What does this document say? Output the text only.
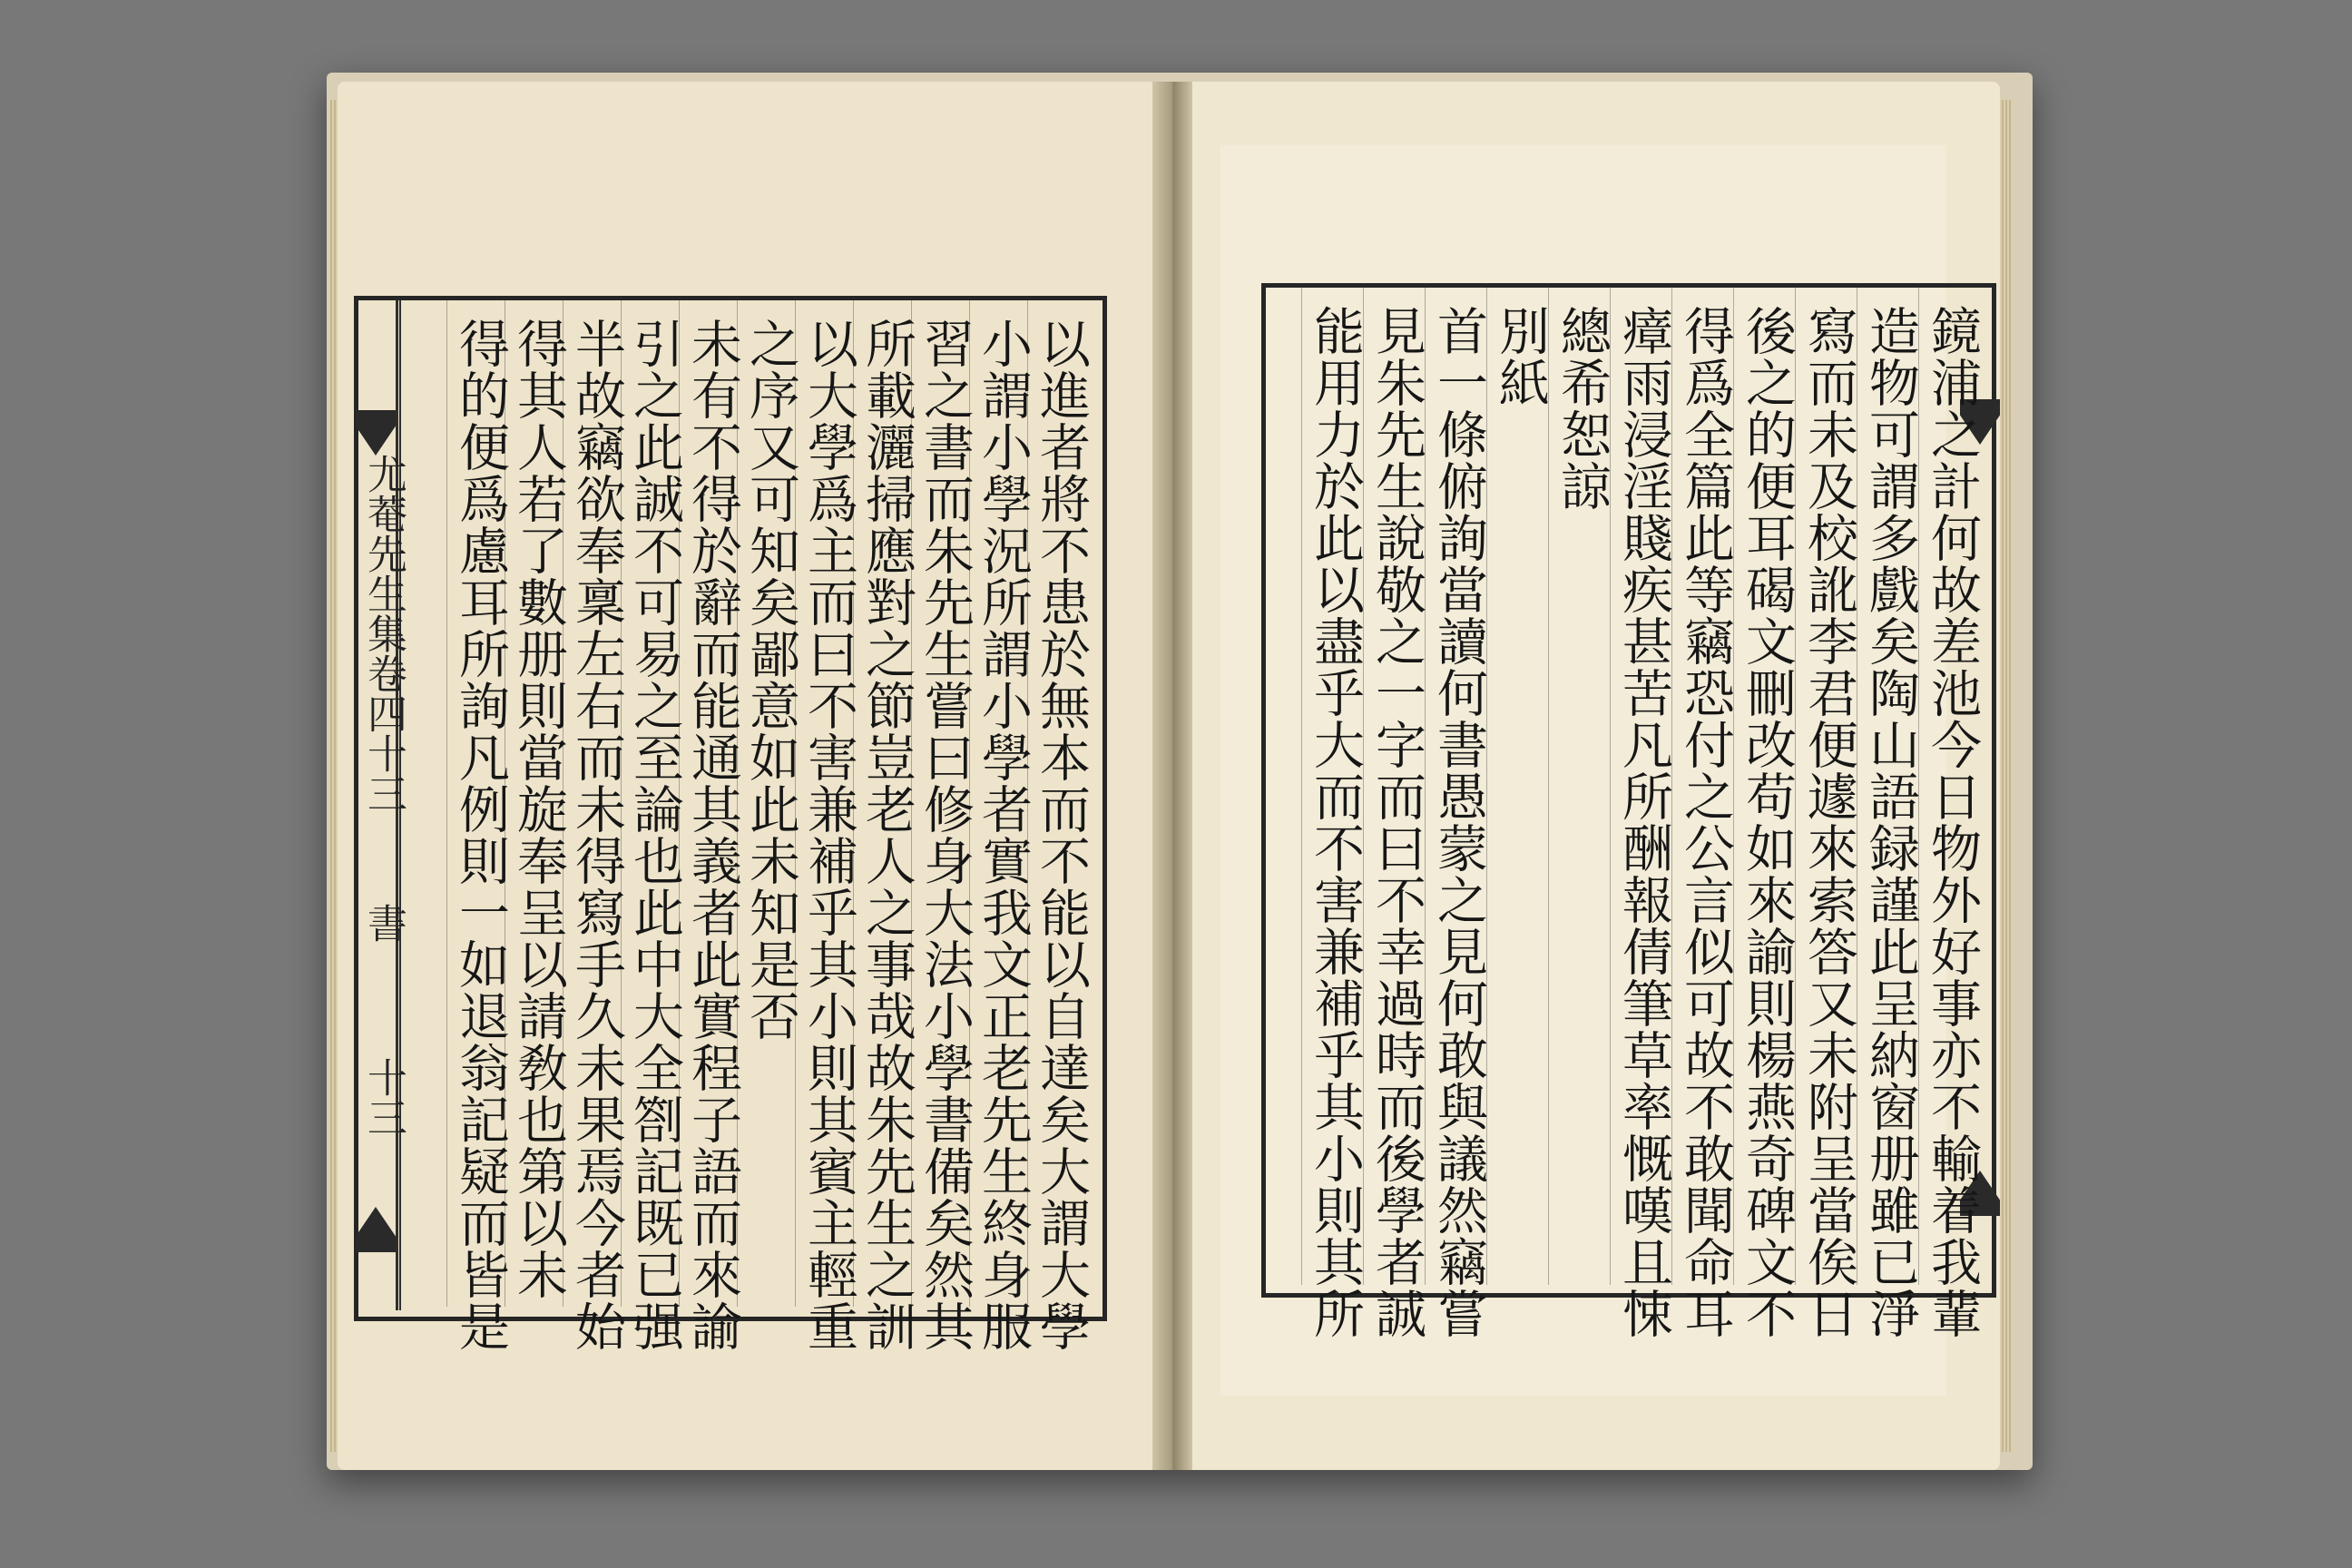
尤菴先生集卷四十三
書
十三	以進者將不患於無本而不能以自達矣大謂大學
小謂小學況所謂小學者實我文正老先生終身服
習之書而朱先生嘗曰修身大法小學書備矣然其
所載灑掃應對之節豈老人之事哉故朱先生之訓
以大學爲主而曰不害兼補乎其小則其賓主輕重
之序又可知矣鄙意如此未知是否
未有不得於辭而能通其義者此實程子語而來諭
引之此誠不可易之至論也此中大全劄記既已强
半故竊欲奉稟左右而未得寫手久未果焉今者始
得其人若了數册則當旋奉呈以請敎也第以未
得的便爲慮耳所詢凡例則一如退翁記疑而皆是	鏡浦之計何故差池今日物外好事亦不輸着我輩
造物可謂多戲矣陶山語録謹此呈納窗册雖已淨
寫而未及校訛李君便遽來索答又未附呈當俟日
後之的便耳碣文刪改苟如來諭則楊燕奇碑文不
得爲全篇此等竊恐付之公言似可故不敢聞命耳
瘴雨浸淫賤疾甚苦凡所酬報倩筆草率慨嘆且悚
總希恕諒
別紙
首一條俯詢當讀何書愚蒙之見何敢與議然竊嘗
見朱先生說敬之一字而曰不幸過時而後學者誠
能用力於此以盡乎大而不害兼補乎其小則其所
